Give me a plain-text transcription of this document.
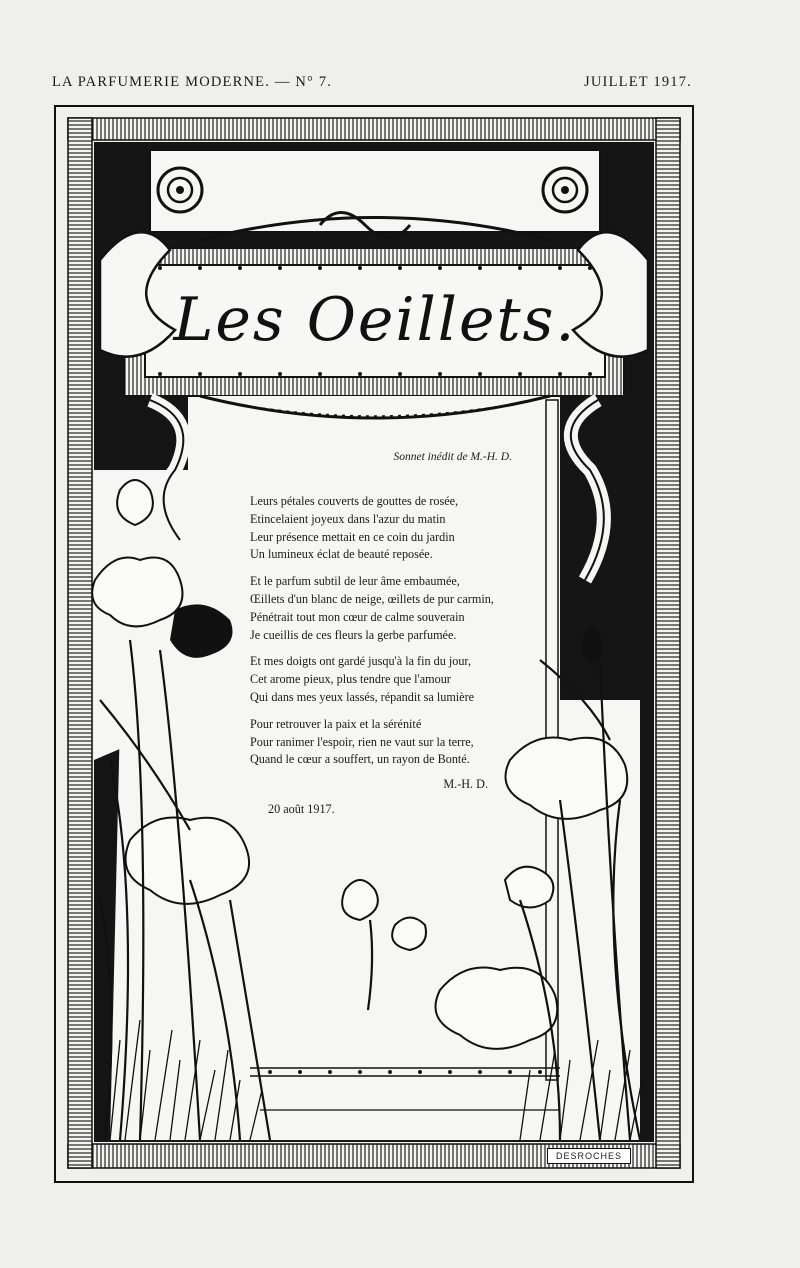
LA PARFUMERIE MODERNE. — N° 7.	JUILLET 1917.
Les Oeillets.
Sonnet inédit de M.-H. D.
Leurs pétales couverts de gouttes de rosée,
Etincelaient joyeux dans l'azur du matin
Leur présence mettait en ce coin du jardin
Un lumineux éclat de beauté reposée.
Et le parfum subtil de leur âme embaumée,
Œillets d'un blanc de neige, œillets de pur carmin,
Pénétrait tout mon cœur de calme souverain
Je cueillis de ces fleurs la gerbe parfumée.
Et mes doigts ont gardé jusqu'à la fin du jour,
Cet arome pieux, plus tendre que l'amour
Qui dans mes yeux lassés, répandit sa lumière
Pour retrouver la paix et la sérénité
Pour ranimer l'espoir, rien ne vaut sur la terre,
Quand le cœur a souffert, un rayon de Bonté.
M.-H. D.
20 août 1917.
DESROCHES
